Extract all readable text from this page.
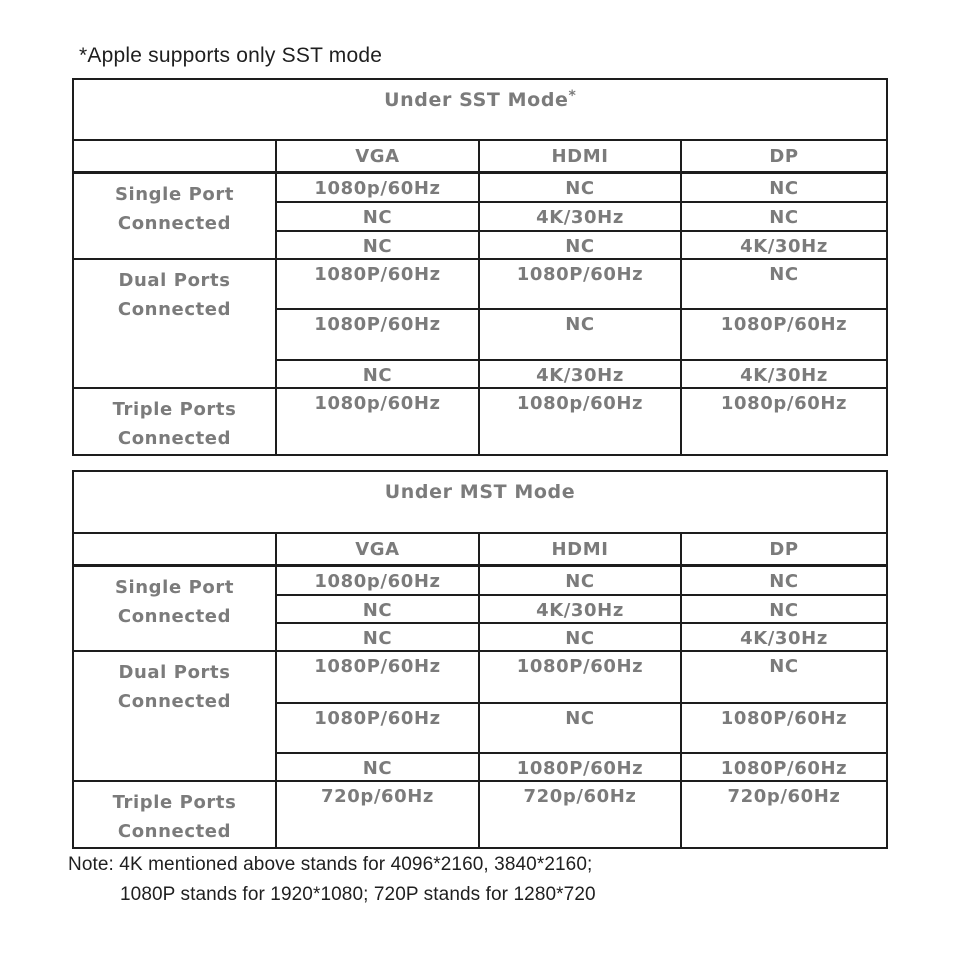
*Apple supports only SST mode
Under SST Mode*
	VGA	HDMI	DP

Single Port
Connected	1080p/60Hz	NC	NC
	NC	4K/30Hz	NC
	NC	NC	4K/30Hz

Dual Ports
Connected	1080P/60Hz	1080P/60Hz	NC
	1080P/60Hz	NC	1080P/60Hz
	NC	4K/30Hz	4K/30Hz

Triple Ports
Connected	1080p/60Hz	1080p/60Hz	1080p/60Hz
Under MST Mode			
	VGA	HDMI	DP

Single Port
Connected	1080p/60Hz	NC	NC
	NC	4K/30Hz	NC
	NC	NC	4K/30Hz

Dual Ports
Connected	1080P/60Hz	1080P/60Hz	NC
	1080P/60Hz	NC	1080P/60Hz
	NC	1080P/60Hz	1080P/60Hz

Triple Ports
Connected	720p/60Hz	720p/60Hz	720p/60Hz
Note: 4K mentioned above stands for 4096*2160, 3840*2160;
1080P stands for 1920*1080; 720P stands for 1280*720
